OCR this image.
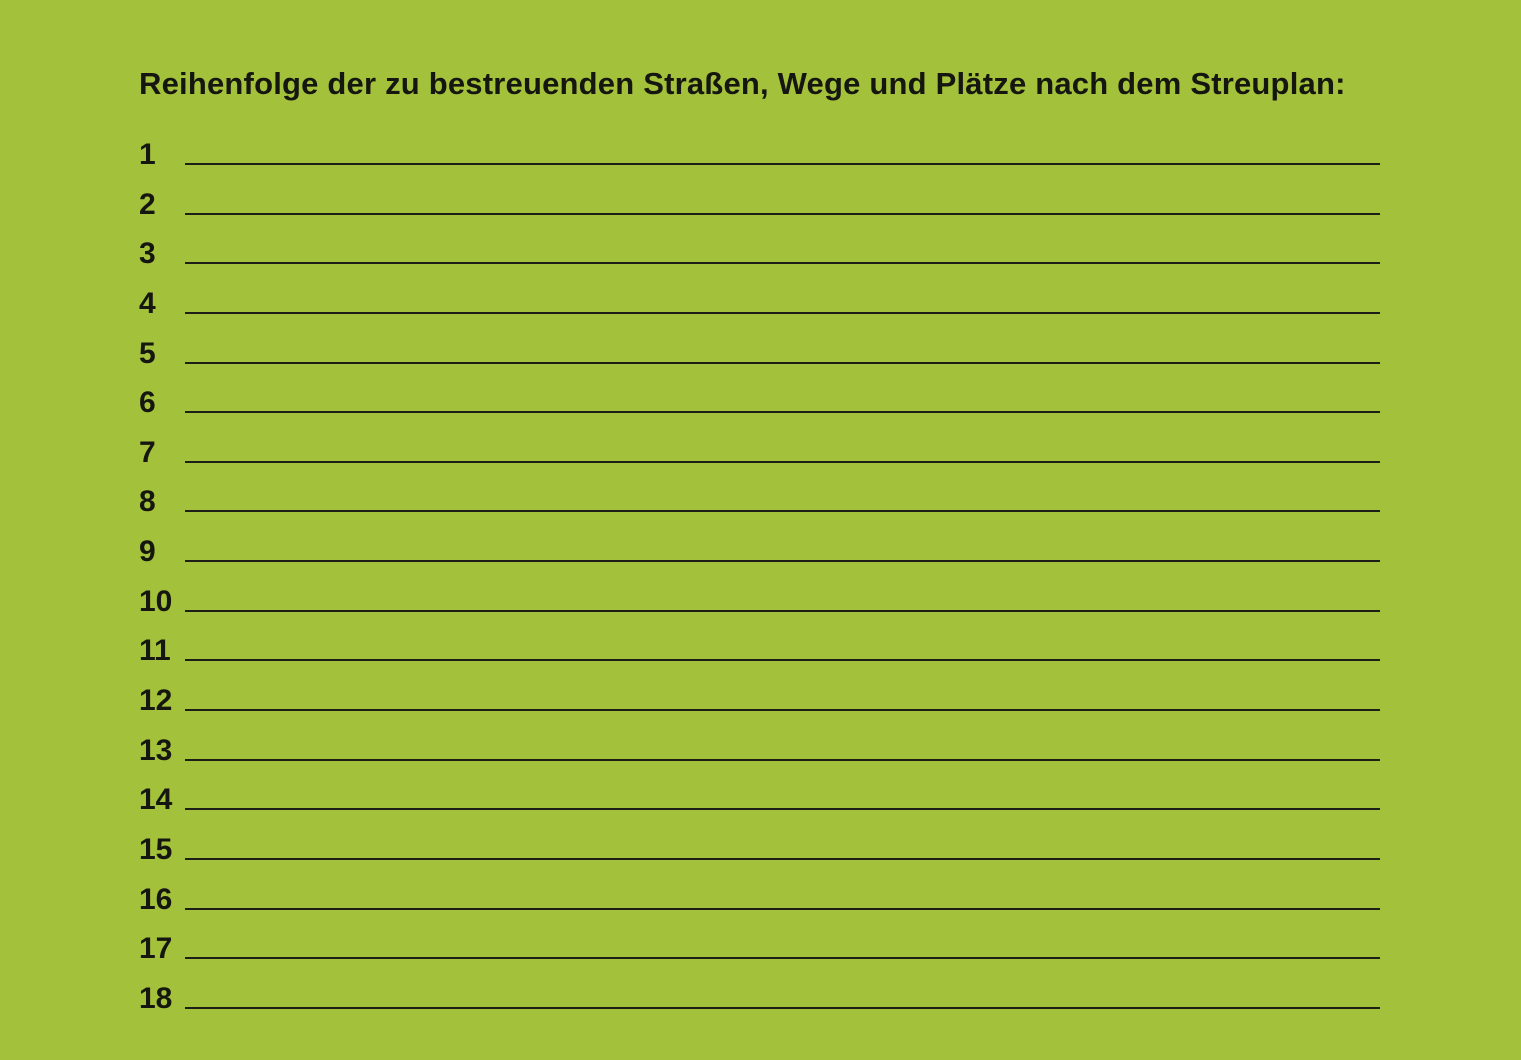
Reihenfolge der zu bestreuenden Straßen, Wege und Plätze nach dem Streuplan:
1
2
3
4
5
6
7
8
9
10
11
12
13
14
15
16
17
18
